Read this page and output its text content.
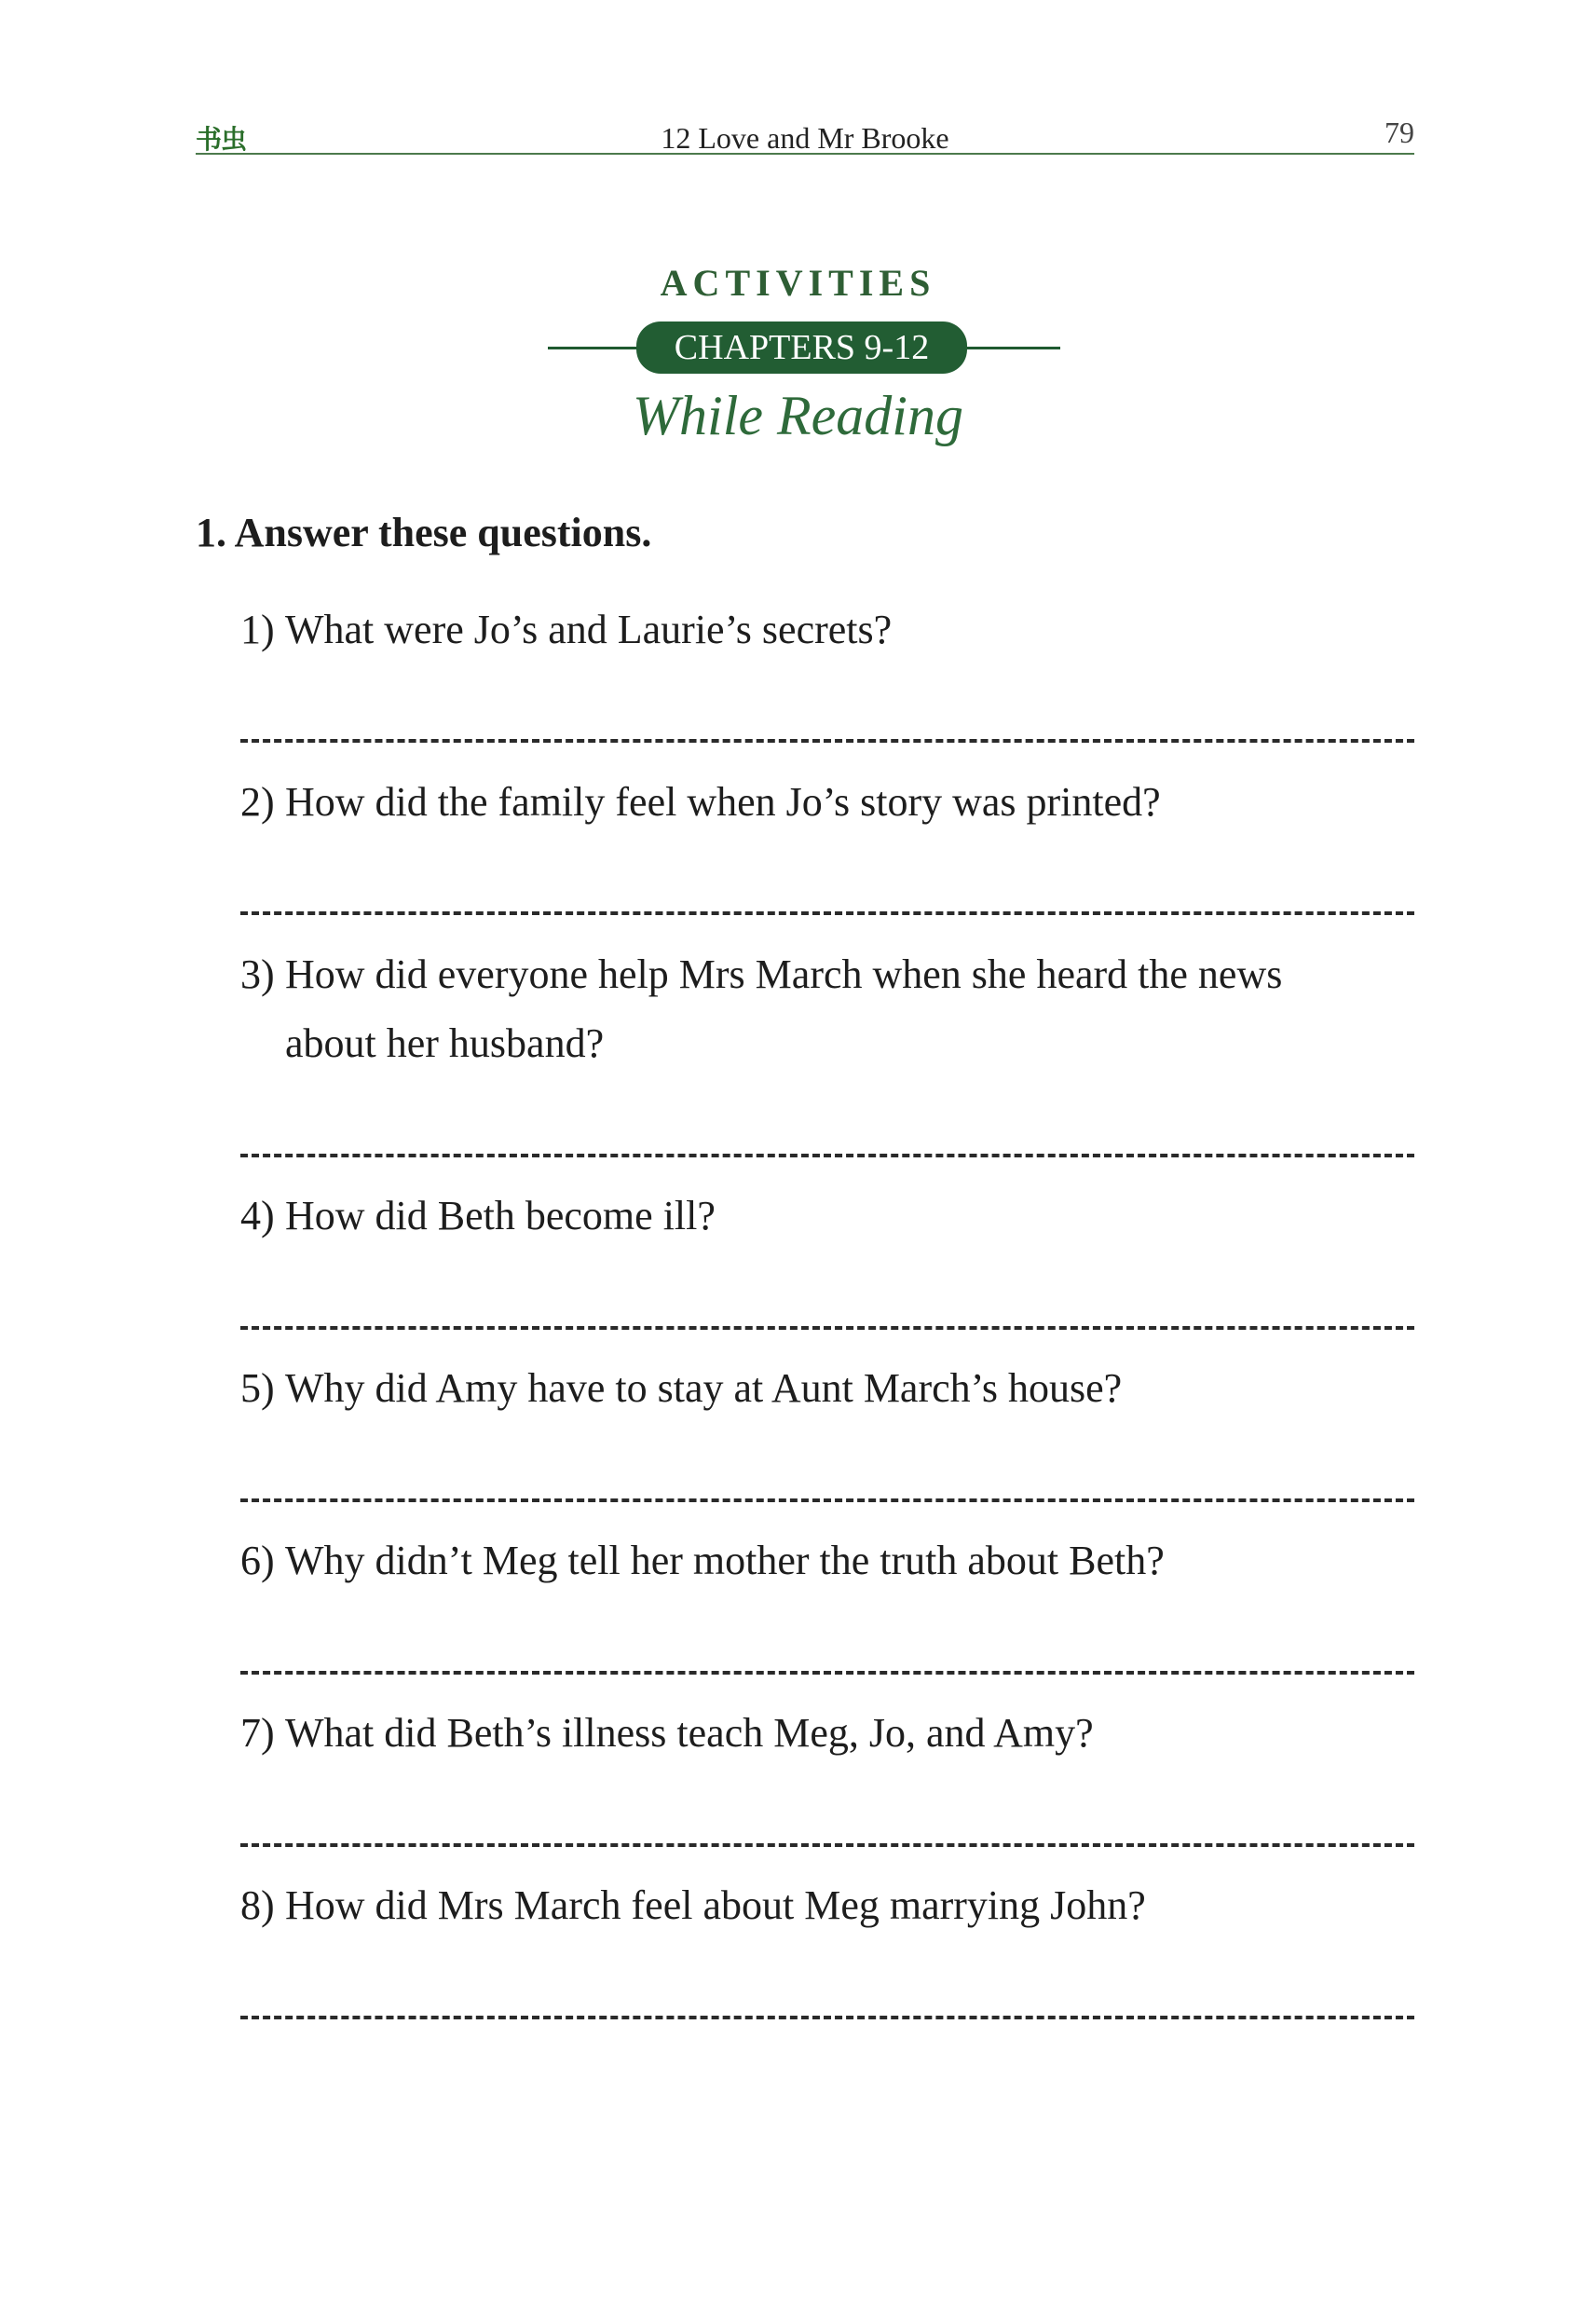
书虫	12 Love and Mr Brooke	79
ACTIVITIES
CHAPTERS 9-12
While Reading
1. Answer these questions.
1) What were Jo’s and Laurie’s secrets?
2) How did the family feel when Jo’s story was printed?
3) How did everyone help Mrs March when she heard the news
about her husband?
4) How did Beth become ill?
5) Why did Amy have to stay at Aunt March’s house?
6) Why didn’t Meg tell her mother the truth about Beth?
7) What did Beth’s illness teach Meg, Jo, and Amy?
8) How did Mrs March feel about Meg marrying John?
